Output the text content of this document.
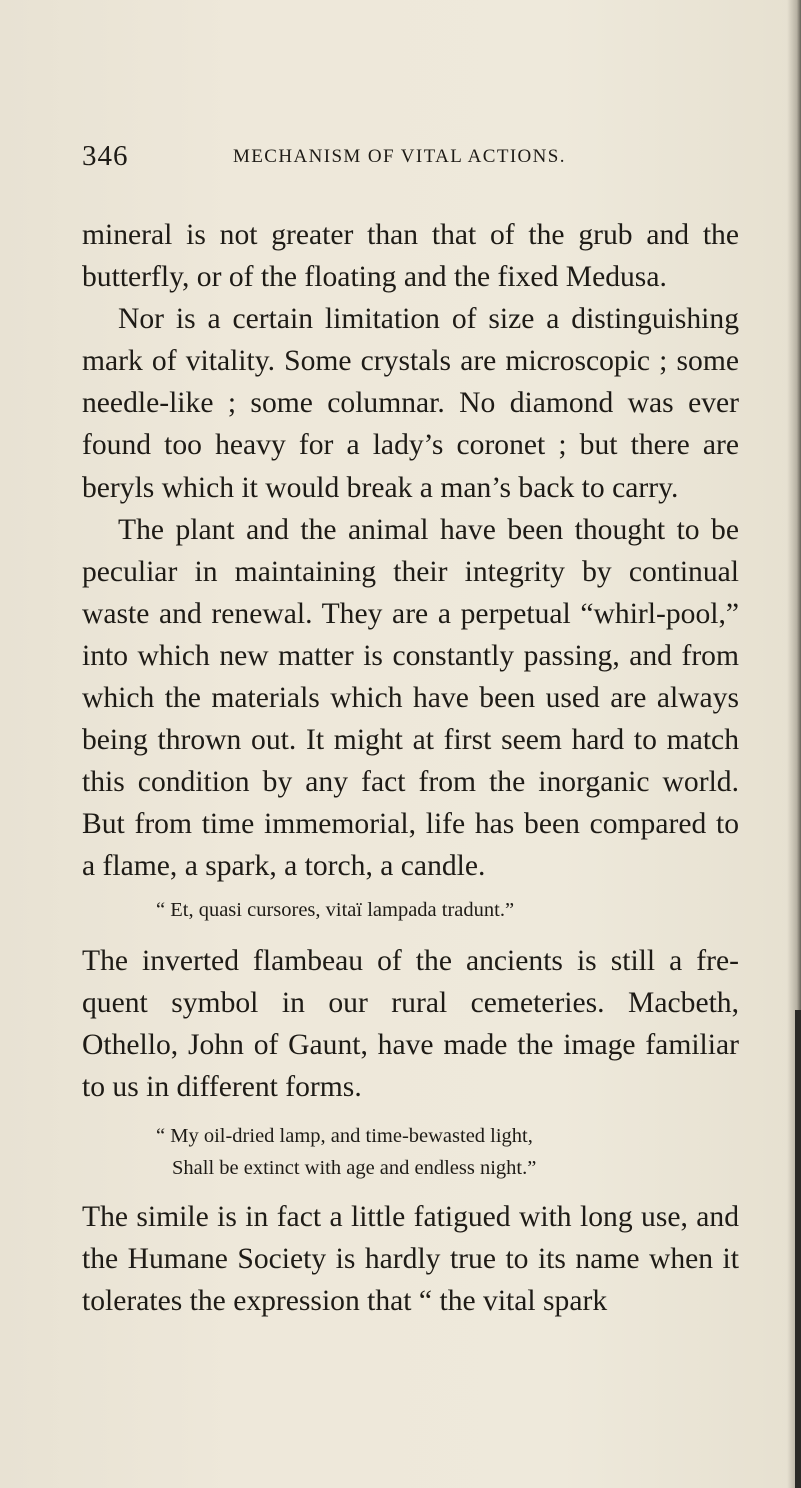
346	MECHANISM OF VITAL ACTIONS.

mineral is not greater than that of the grub and the butterfly, or of the floating and the fixed Medusa.

Nor is a certain limitation of size a distinguishing mark of vitality. Some crystals are microscopic ; some needle-like ; some columnar. No diamond was ever found too heavy for a lady’s coronet ; but there are beryls which it would break a man’s back to carry.

The plant and the animal have been thought to be peculiar in maintaining their integrity by continual waste and renewal. They are a perpetual “whirl-pool,” into which new matter is constantly passing, and from which the materials which have been used are always being thrown out. It might at first seem hard to match this condition by any fact from the inorganic world. But from time immemorial, life has been compared to a flame, a spark, a torch, a candle.

“ Et, quasi cursores, vitaï lampada tradunt.”

The inverted flambeau of the ancients is still a fre-quent symbol in our rural cemeteries. Macbeth, Othello, John of Gaunt, have made the image familiar to us in different forms.

“ My oil-dried lamp, and time-bewasted light,
Shall be extinct with age and endless night.”

The simile is in fact a little fatigued with long use, and the Humane Society is hardly true to its name when it tolerates the expression that “ the vital spark
